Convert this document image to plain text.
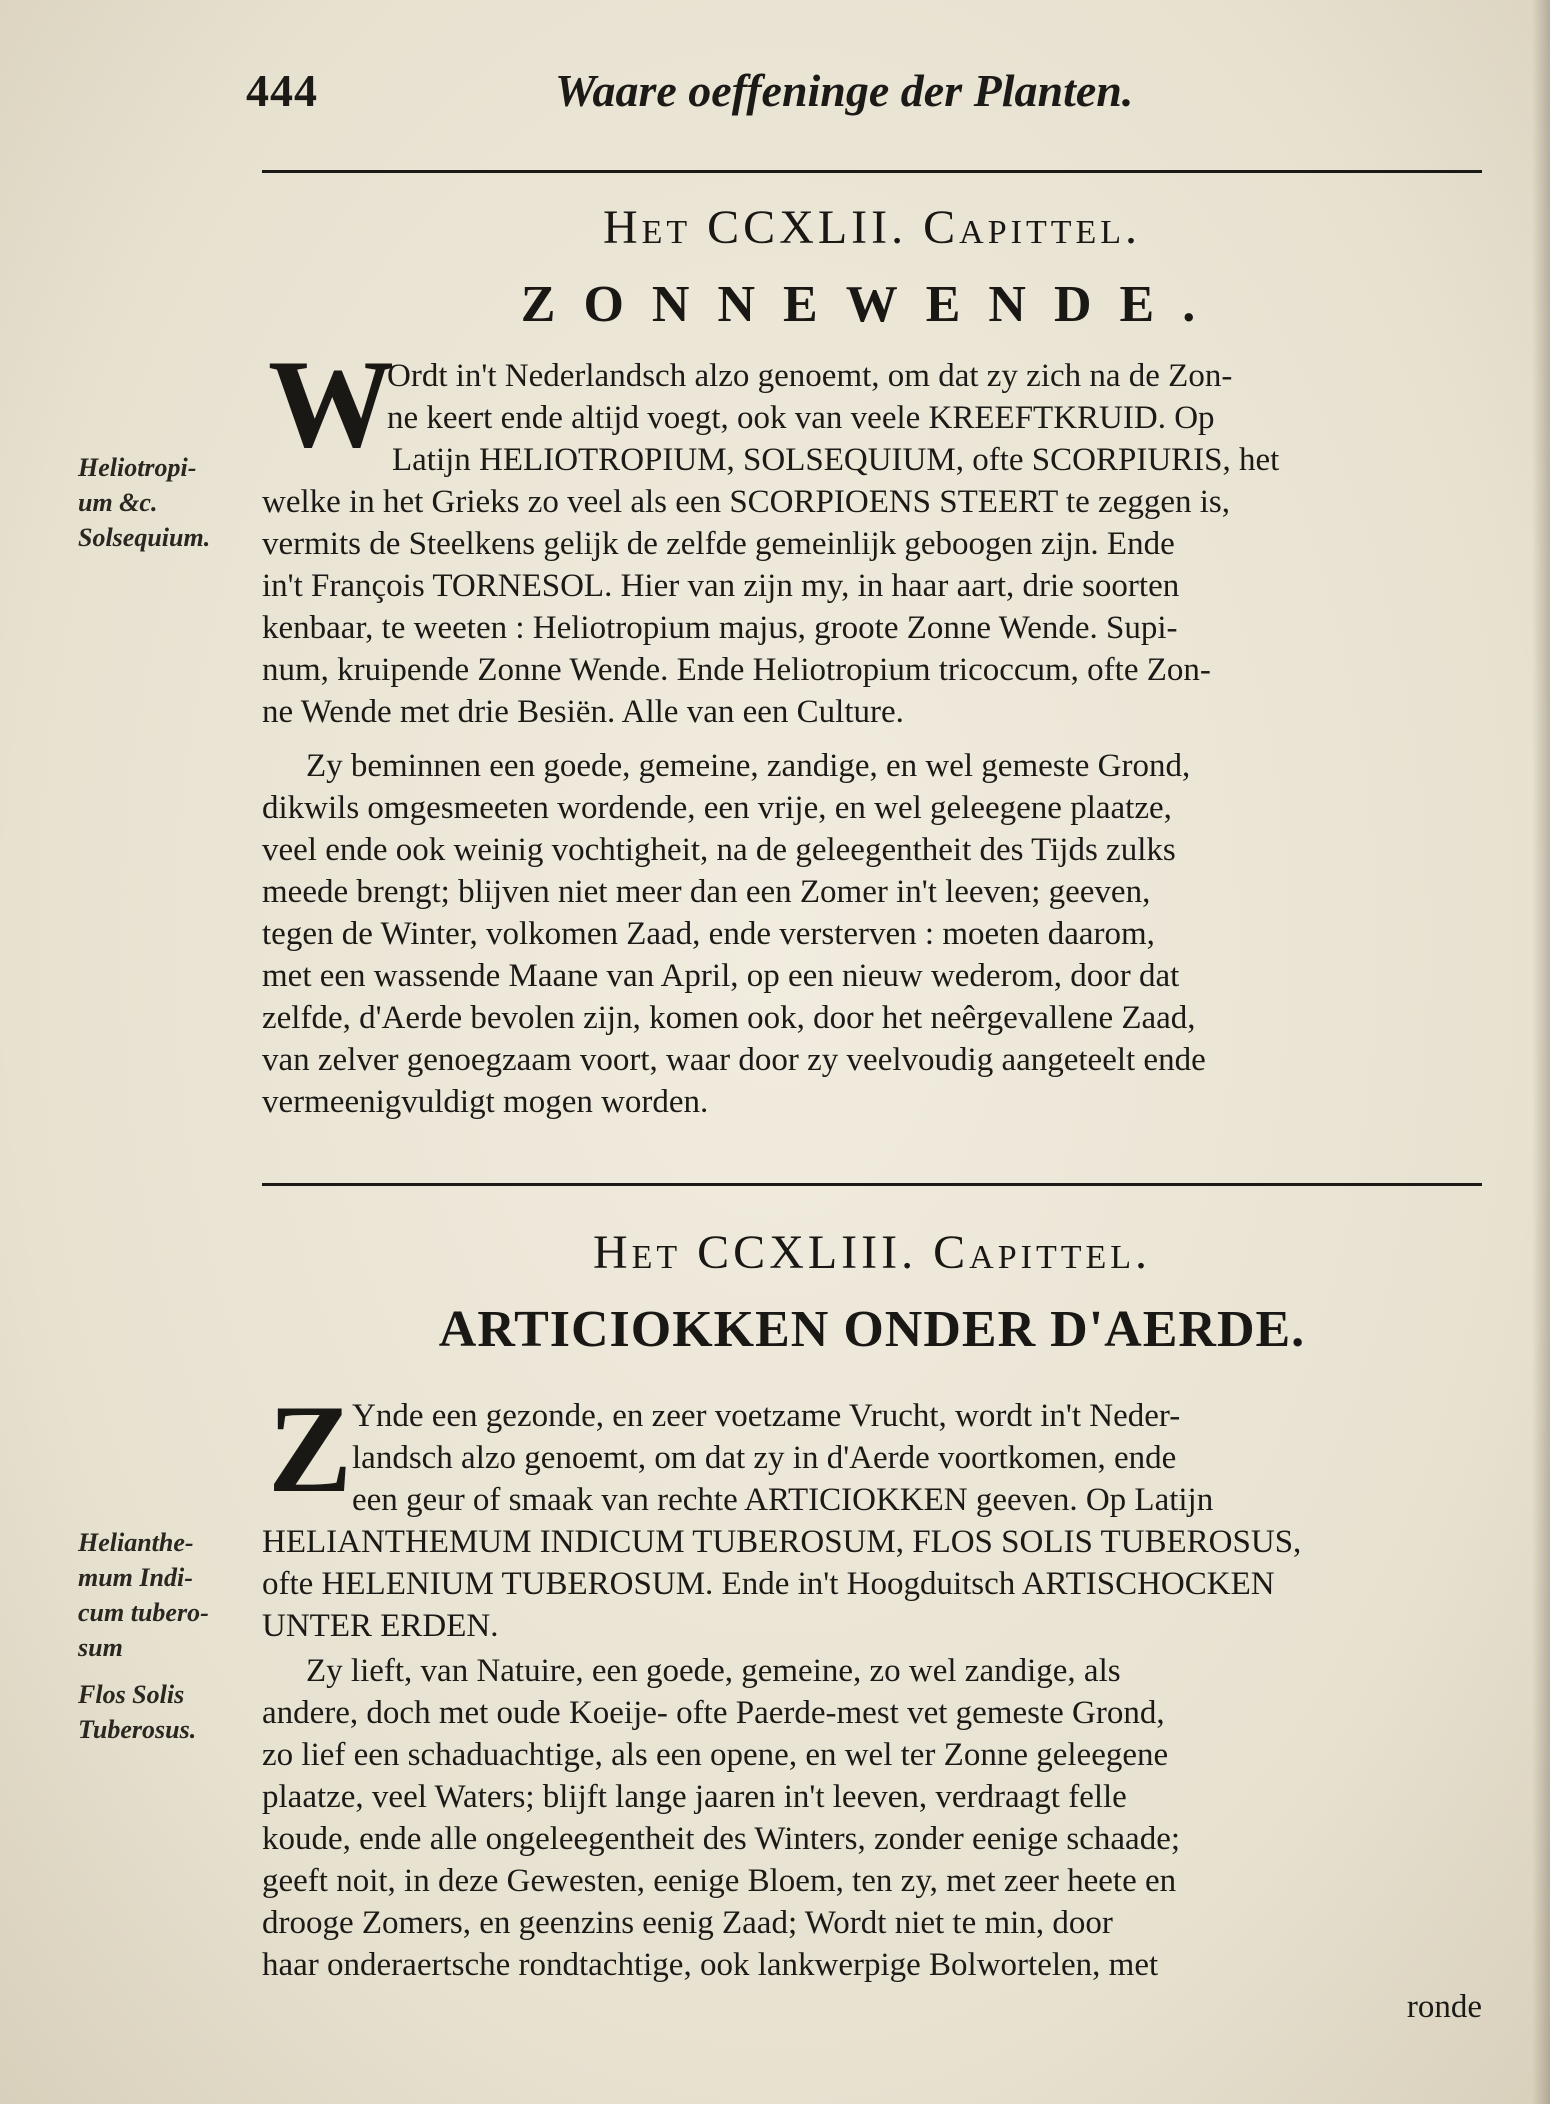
444	Waare oeffeninge der Planten.
Het CCXLII. Capittel.
ZONNEWENDE.
W
Ordt in't Nederlandsch alzo genoemt, om dat zy zich na de Zon-
ne keert ende altijd voegt, ook van veele KREEFTKRUID. Op
Latijn HELIOTROPIUM, SOLSEQUIUM, ofte SCORPIURIS, het
welke in het Grieks zo veel als een SCORPIOENS STEERT te zeggen is,
vermits de Steelkens gelijk de zelfde gemeinlijk geboogen zijn. Ende
in't François TORNESOL. Hier van zijn my, in haar aart, drie soorten
kenbaar, te weeten : Heliotropium majus, groote Zonne Wende. Supi-
num, kruipende Zonne Wende. Ende Heliotropium tricoccum, ofte Zon-
ne Wende met drie Besiën. Alle van een Culture.
Zy beminnen een goede, gemeine, zandige, en wel gemeste Grond,
dikwils omgesmeeten wordende, een vrije, en wel geleegene plaatze,
veel ende ook weinig vochtigheit, na de geleegentheit des Tijds zulks
meede brengt; blijven niet meer dan een Zomer in't leeven; geeven,
tegen de Winter, volkomen Zaad, ende versterven : moeten daarom,
met een wassende Maane van April, op een nieuw wederom, door dat
zelfde, d'Aerde bevolen zijn, komen ook, door het neêrgevallene Zaad,
van zelver genoegzaam voort, waar door zy veelvoudig aangeteelt ende
vermeenigvuldigt mogen worden.
Heliotropi-
um &c.
Solsequium.
Het CCXLIII. Capittel.
ARTICIOKKEN ONDER D'AERDE.
Z Ynde een gezonde, en zeer voetzame Vrucht, wordt in't Neder-
landsch alzo genoemt, om dat zy in d'Aerde voortkomen, ende
een geur of smaak van rechte ARTICIOKKEN geeven. Op Latijn
HELIANTHEMUM INDICUM TUBEROSUM, FLOS SOLIS TUBEROSUS,
ofte HELENIUM TUBEROSUM. Ende in't Hoogduitsch ARTISCHOCKEN
UNTER ERDEN.
Zy lieft, van Natuire, een goede, gemeine, zo wel zandige, als
andere, doch met oude Koeije- ofte Paerde-mest vet gemeste Grond,
zo lief een schaduachtige, als een opene, en wel ter Zonne geleegene
plaatze, veel Waters; blijft lange jaaren in't leeven, verdraagt felle
koude, ende alle ongeleegentheit des Winters, zonder eenige schaade;
geeft noit, in deze Gewesten, eenige Bloem, ten zy, met zeer heete en
drooge Zomers, en geenzins eenig Zaad; Wordt niet te min, door
haar onderaertsche rondtachtige, ook lankwerpige Bolwortelen, met
ronde
Helianthe-
mum Indi-
cum tubero-
sum
Flos Solis
Tuberosus.
